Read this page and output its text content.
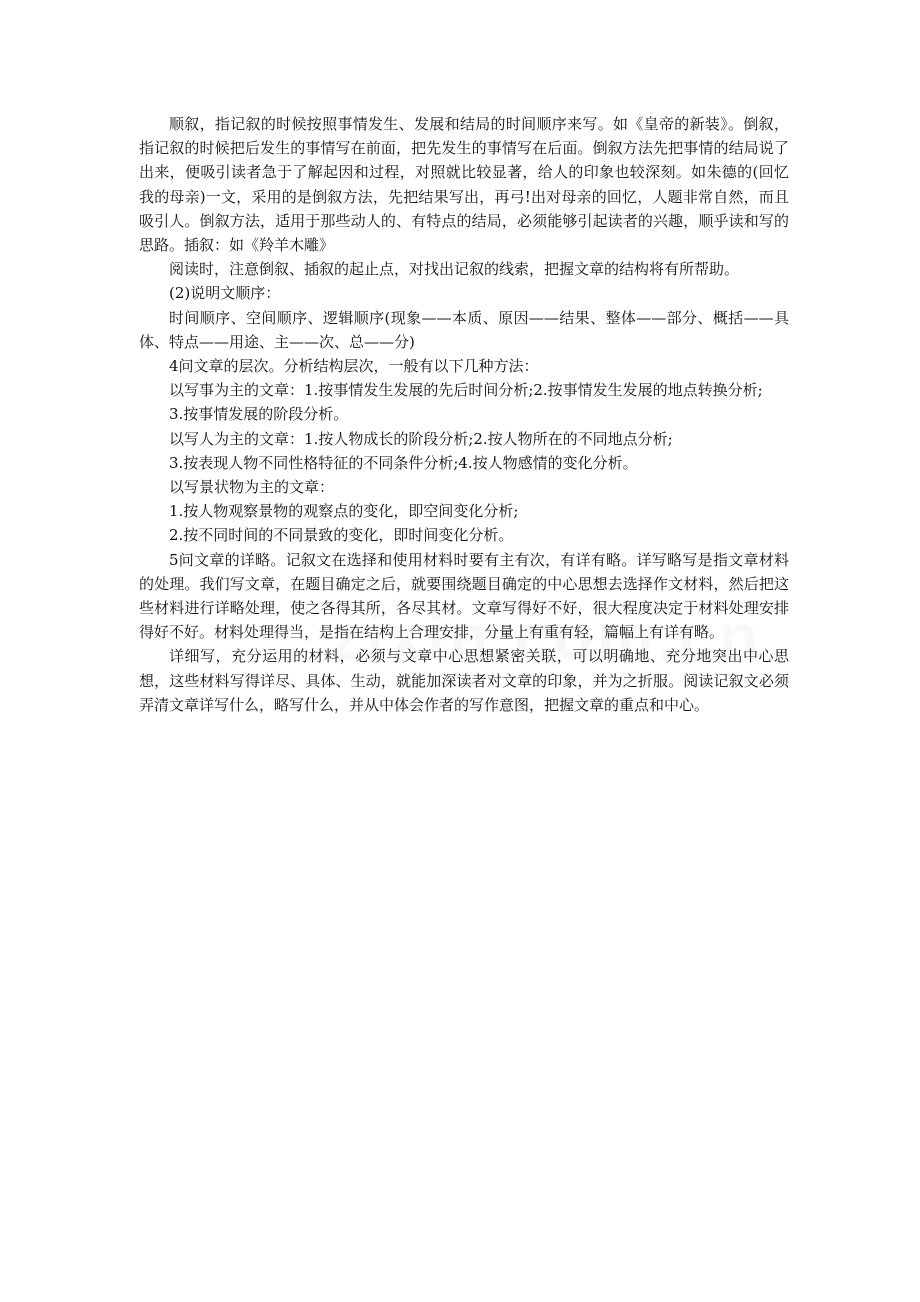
顺叙，指记叙的时候按照事情发生、发展和结局的时间顺序来写。如《皇帝的新装》。倒叙，指记叙的时候把后发生的事情写在前面，把先发生的事情写在后面。倒叙方法先把事情的结局说了出来，便吸引读者急于了解起因和过程，对照就比较显著，给人的印象也较深刻。如朱德的(回忆我的母亲)一文，采用的是倒叙方法，先把结果写出，再弓!出对母亲的回忆，人题非常自然，而且吸引人。倒叙方法，适用于那些动人的、有特点的结局，必须能够引起读者的兴趣，顺乎读和写的思路。插叙：如《羚羊木雕》

阅读时，注意倒叙、插叙的起止点，对找出记叙的线索，把握文章的结构将有所帮助。

(2)说明文顺序：

时间顺序、空间顺序、逻辑顺序(现象——本质、原因——结果、整体——部分、概括——具体、特点——用途、主——次、总——分)

4问文章的层次。分析结构层次，一般有以下几种方法：

以写事为主的文章：1.按事情发生发展的先后时间分析;2.按事情发生发展的地点转换分析;

3.按事情发展的阶段分析。

以写人为主的文章：1.按人物成长的阶段分析;2.按人物所在的不同地点分析;

3.按表现人物不同性格特征的不同条件分析;4.按人物感情的变化分析。

以写景状物为主的文章：

1.按人物观察景物的观察点的变化，即空间变化分析;

2.按不同时间的不同景致的变化，即时间变化分析。

5问文章的详略。记叙文在选择和使用材料时要有主有次，有详有略。详写略写是指文章材料的处理。我们写文章，在题目确定之后，就要围绕题目确定的中心思想去选择作文材料，然后把这些材料进行详略处理，使之各得其所，各尽其材。文章写得好不好，很大程度决定于材料处理安排得好不好。材料处理得当，是指在结构上合理安排，分量上有重有轻，篇幅上有详有略。

详细写，充分运用的材料，必须与文章中心思想紧密关联，可以明确地、充分地突出中心思想，这些材料写得详尽、具体、生动，就能加深读者对文章的印象，并为之折服。阅读记叙文必须弄清文章详写什么，略写什么，并从中体会作者的写作意图，把握文章的重点和中心。
